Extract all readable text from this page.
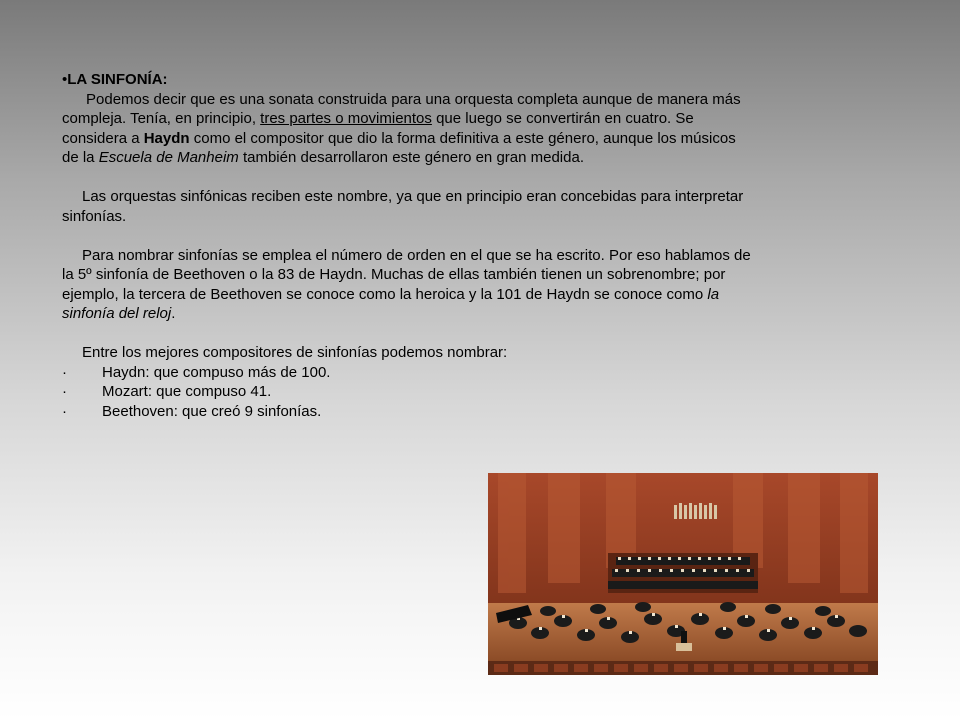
•LA SINFONÍA:

Podemos decir que es una sonata construida para una orquesta completa aunque de manera más compleja. Tenía, en principio, tres partes o movimientos que luego se convertirán en cuatro. Se considera a Haydn como el compositor que dio la forma definitiva a este género, aunque los músicos de la Escuela de Manheim también desarrollaron este género en gran medida.

Las orquestas sinfónicas reciben este nombre, ya que en principio eran concebidas para interpretar sinfonías.

Para nombrar sinfonías se emplea el número de orden en el que se ha escrito. Por eso hablamos de la 5º sinfonía de Beethoven o la 83 de Haydn. Muchas de ellas también tienen un sobrenombre; por ejemplo, la tercera de Beethoven se conoce como la heroica y la 101 de Haydn se conoce como la sinfonía del reloj.

Entre los mejores compositores de sinfonías podemos nombrar:

· Haydn: que compuso más de 100.

· Mozart: que compuso 41.

· Beethoven: que creó 9 sinfonías.
